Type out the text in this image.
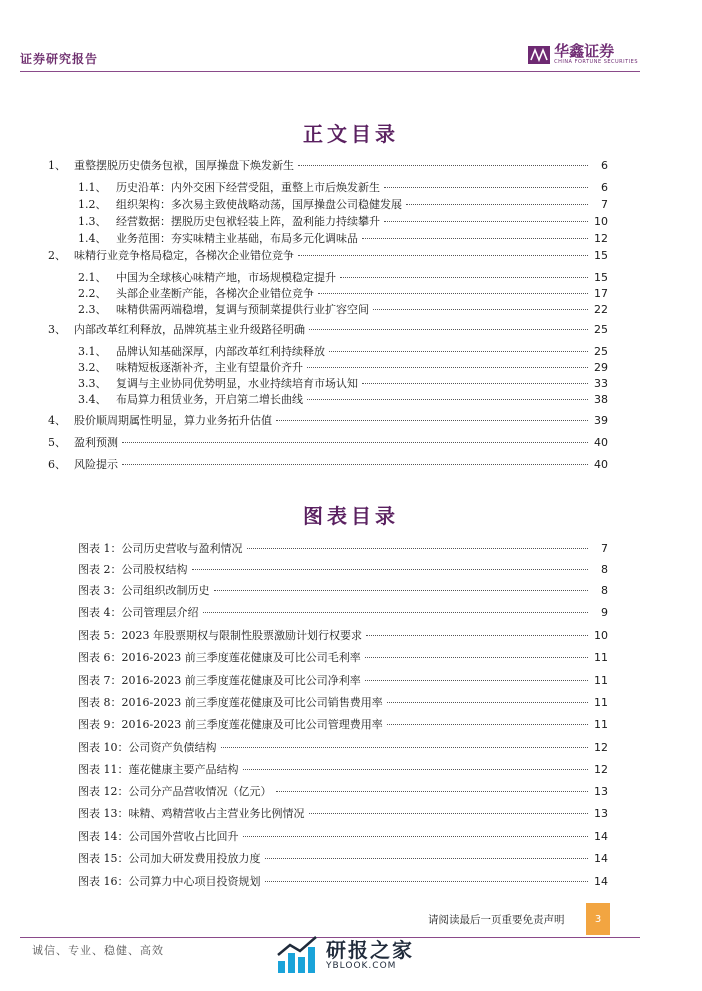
证券研究报告	华鑫证券
CHINA FORTUNE SECURITIES
正文目录
1、 重整摆脱历史债务包袱，国厚操盘下焕发新生	6
1.1、 历史沿革：内外交困下经营受阻，重整上市后焕发新生	6
1.2、 组织架构：多次易主致使战略动荡，国厚操盘公司稳健发展	7
1.3、 经营数据：摆脱历史包袱轻装上阵，盈利能力持续攀升	10
1.4、 业务范围：夯实味精主业基础，布局多元化调味品	12
2、 味精行业竞争格局稳定，各梯次企业错位竞争	15
2.1、 中国为全球核心味精产地，市场规模稳定提升	15
2.2、 头部企业垄断产能，各梯次企业错位竞争	17
2.3、 味精供需两端稳增，复调与预制菜提供行业扩容空间	22
3、 内部改革红利释放，品牌筑基主业升级路径明确	25
3.1、 品牌认知基础深厚，内部改革红利持续释放	25
3.2、 味精短板逐渐补齐，主业有望量价齐升	29
3.3、 复调与主业协同优势明显，水业持续培育市场认知	33
3.4、 布局算力租赁业务，开启第二增长曲线	38
4、 股价顺周期属性明显，算力业务拓升估值	39
5、 盈利预测	40
6、 风险提示	40
图表目录
图表 1：公司历史营收与盈利情况	7
图表 2：公司股权结构	8
图表 3：公司组织改制历史	8
图表 4：公司管理层介绍	9
图表 5：2023 年股票期权与限制性股票激励计划行权要求	10
图表 6：2016-2023 前三季度莲花健康及可比公司毛利率	11
图表 7：2016-2023 前三季度莲花健康及可比公司净利率	11
图表 8：2016-2023 前三季度莲花健康及可比公司销售费用率	11
图表 9：2016-2023 前三季度莲花健康及可比公司管理费用率	11
图表 10：公司资产负债结构	12
图表 11：莲花健康主要产品结构	12
图表 12：公司分产品营收情况（亿元）	13
图表 13：味精、鸡精营收占主营业务比例情况	13
图表 14：公司国外营收占比回升	14
图表 15：公司加大研发费用投放力度	14
图表 16：公司算力中心项目投资规划	14
请阅读最后一页重要免责声明	3
诚信、专业、稳健、高效	研报之家
YBLOOK.COM
